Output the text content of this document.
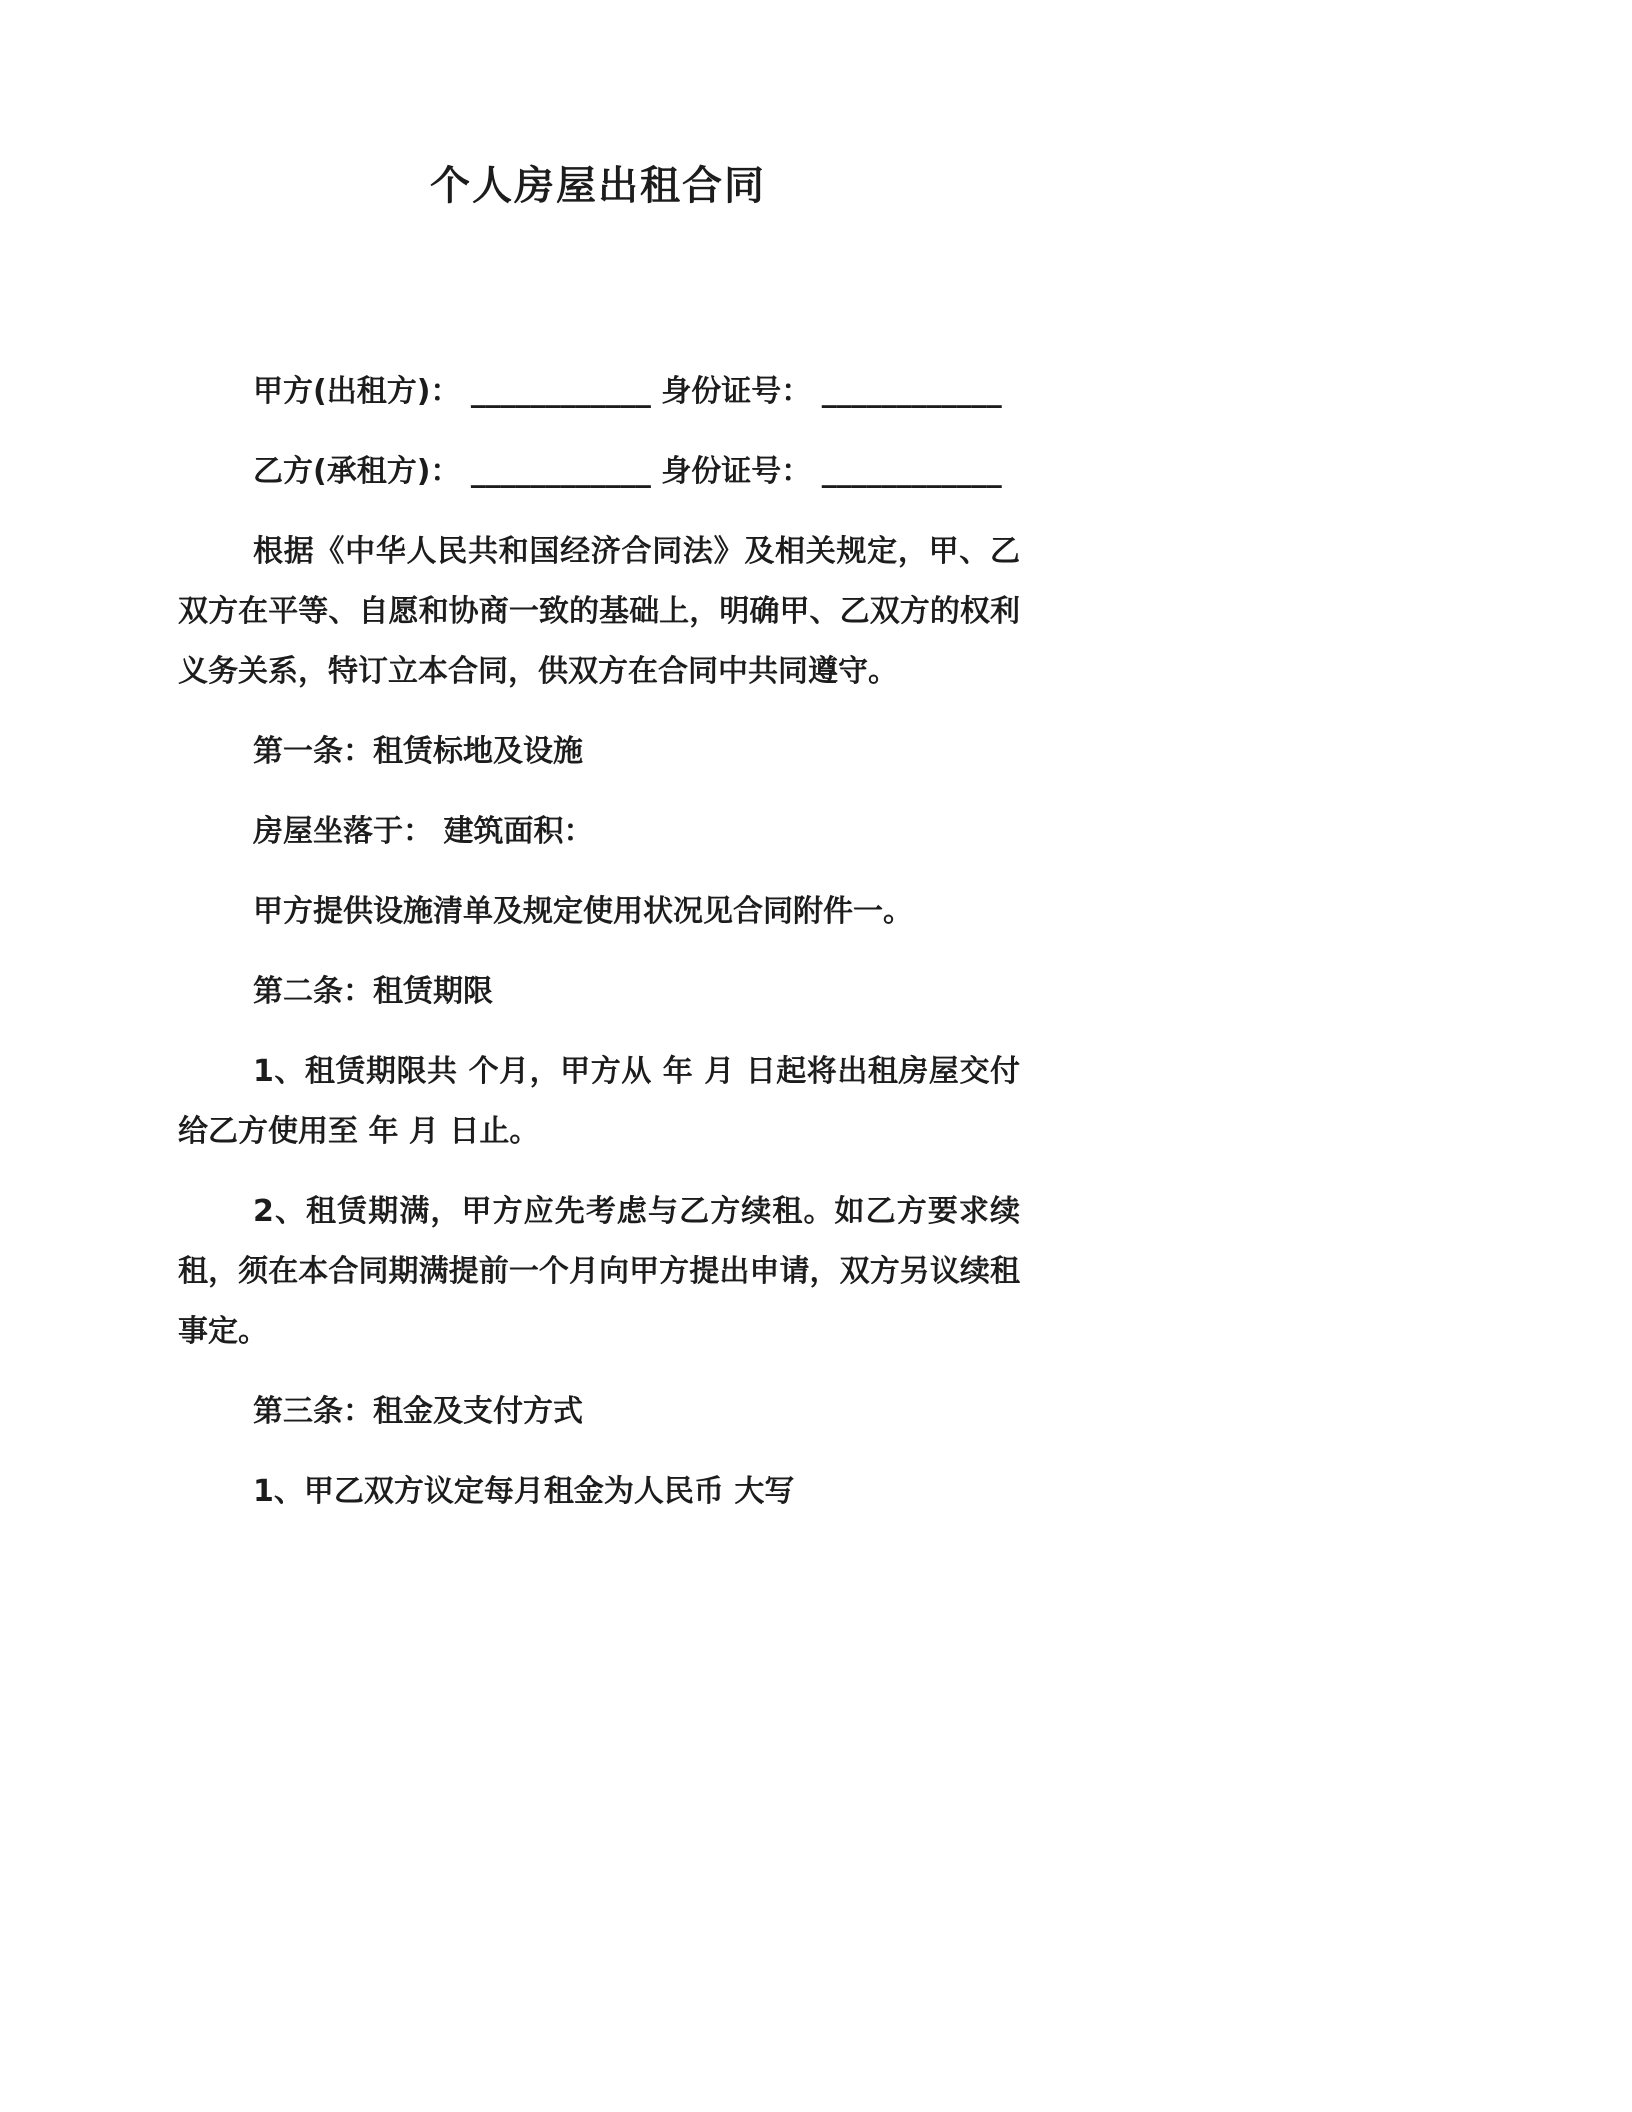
个人房屋出租合同

甲方(出租方)： ____________ 身份证号： ____________

乙方(承租方)： ____________ 身份证号： ____________

根据《中华人民共和国经济合同法》及相关规定，甲、乙双方在平等、自愿和协商一致的基础上，明确甲、乙双方的权利义务关系，特订立本合同，供双方在合同中共同遵守。

第一条：租赁标地及设施

房屋坐落于： 建筑面积：

甲方提供设施清单及规定使用状况见合同附件一。

第二条：租赁期限

1、租赁期限共 个月，甲方从 年 月 日起将出租房屋交付给乙方使用至 年 月 日止。

2、租赁期满，甲方应先考虑与乙方续租。如乙方要求续租，须在本合同期满提前一个月向甲方提出申请，双方另议续租事定。

第三条：租金及支付方式

1、甲乙双方议定每月租金为人民币 大写
